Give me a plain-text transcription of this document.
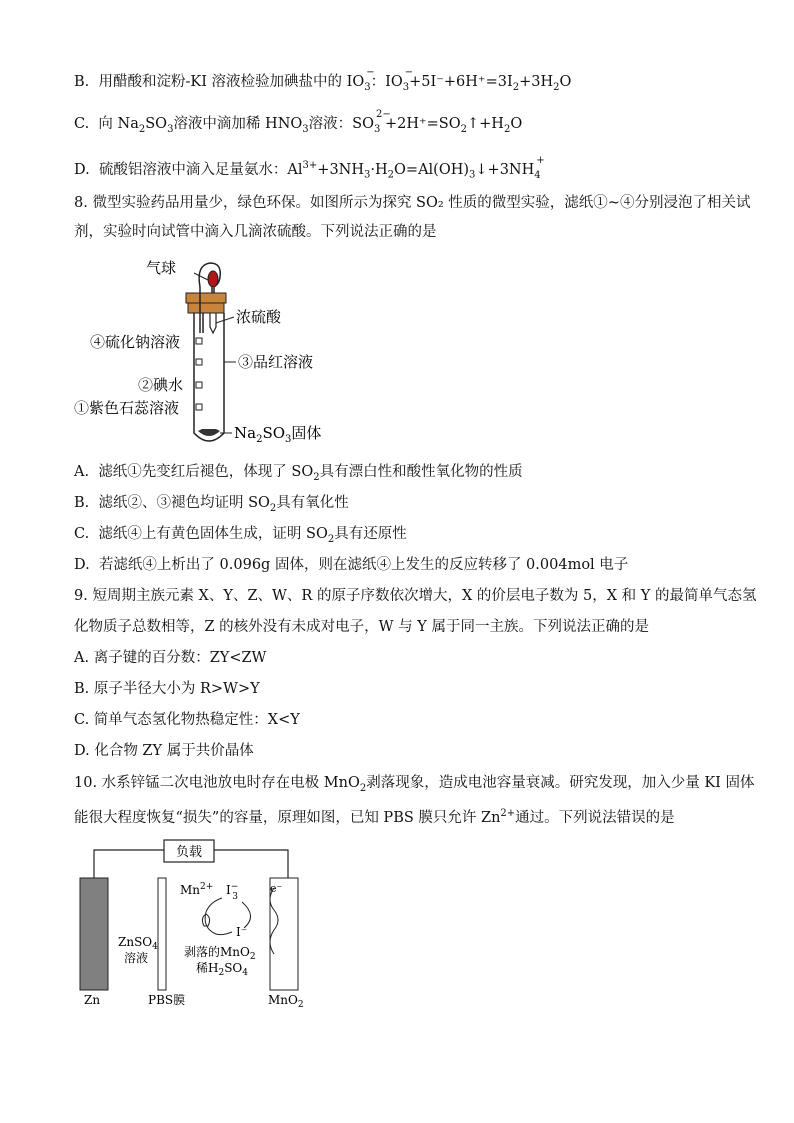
B. 用醋酸和淀粉-KI 溶液检验加碘盐中的 IO
−
$_3$：IO
−
$_3+5I^-+6H^+=3I_2+3H_2O$
C. 向 $Na_2SO_3$溶液中滴加稀 $HNO_3$溶液：SO
2−
$_3 +2H^+=SO_2↑+H_2O$
D. 硫酸铝溶液中滴入足量氨水：$Al^{3+}+3NH_3\cdot H_2O=Al(OH)_3↓+3NH$
+
$_4$
8. 微型实验药品用量少，绿色环保。如图所示为探究 SO₂ 性质的微型实验，滤纸①~④分别浸泡了相关试
剂，实验时向试管中滴入几滴浓硫酸。下列说法正确的是
气球
浓硫酸
④硫化钠溶液
③品红溶液
②碘水
①紫色石蕊溶液
$Na_2SO_3$固体
A. 滤纸①先变红后褪色，体现了 $SO_2$具有漂白性和酸性氧化物的性质
B. 滤纸②、③褪色均证明 $SO_2$具有氧化性
C. 滤纸④上有黄色固体生成，证明 $SO_2$具有还原性
D. 若滤纸④上析出了 0.096g 固体，则在滤纸④上发生的反应转移了 0.004mol 电子
9. 短周期主族元素 X、Y、Z、W、R 的原子序数依次增大，X 的价层电子数为 5，X 和 Y 的最简单气态氢
化物质子总数相等，Z 的核外没有未成对电子，W 与 Y 属于同一主族。下列说法正确的是
A. 离子键的百分数：ZY<ZW
B. 原子半径大小为 R>W>Y
C. 简单气态氢化物热稳定性：X<Y
D. 化合物 ZY 属于共价晶体
10. 水系锌锰二次电池放电时存在电极 MnO$_2$剥落现象，造成电池容量衰减。研究发现，加入少量 KI 固体
能很大程度恢复“损失”的容量，原理如图，已知 PBS 膜只允许 $Zn^{2+}$通过。下列说法错误的是
负载
Zn	PBS膜
ZnSO$_4$
溶液
MnO$_2$
e⁻
$Mn^{2+}$ I− 3
I⁻
剥落的MnO$_2$
稀$H_2SO_4$
